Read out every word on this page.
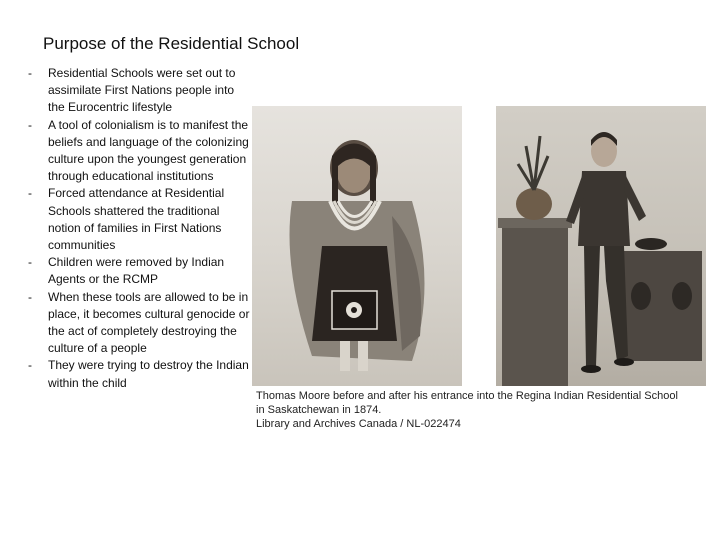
Purpose of the Residential School
- Residential Schools were set out to assimilate First Nations people into the Eurocentric lifestyle
- A tool of colonialism is to manifest the beliefs and language of the colonizing culture upon the youngest generation through educational institutions
- Forced attendance at Residential Schools shattered the traditional notion of families in First Nations communities
- Children were removed by Indian Agents or the RCMP
- When these tools are allowed to be in place, it becomes cultural genocide or the act of completely destroying the culture of a people
- They were trying to destroy the Indian within the child
Thomas Moore before and after his entrance into the Regina Indian Residential School
in Saskatchewan in 1874.
Library and Archives Canada / NL-022474
